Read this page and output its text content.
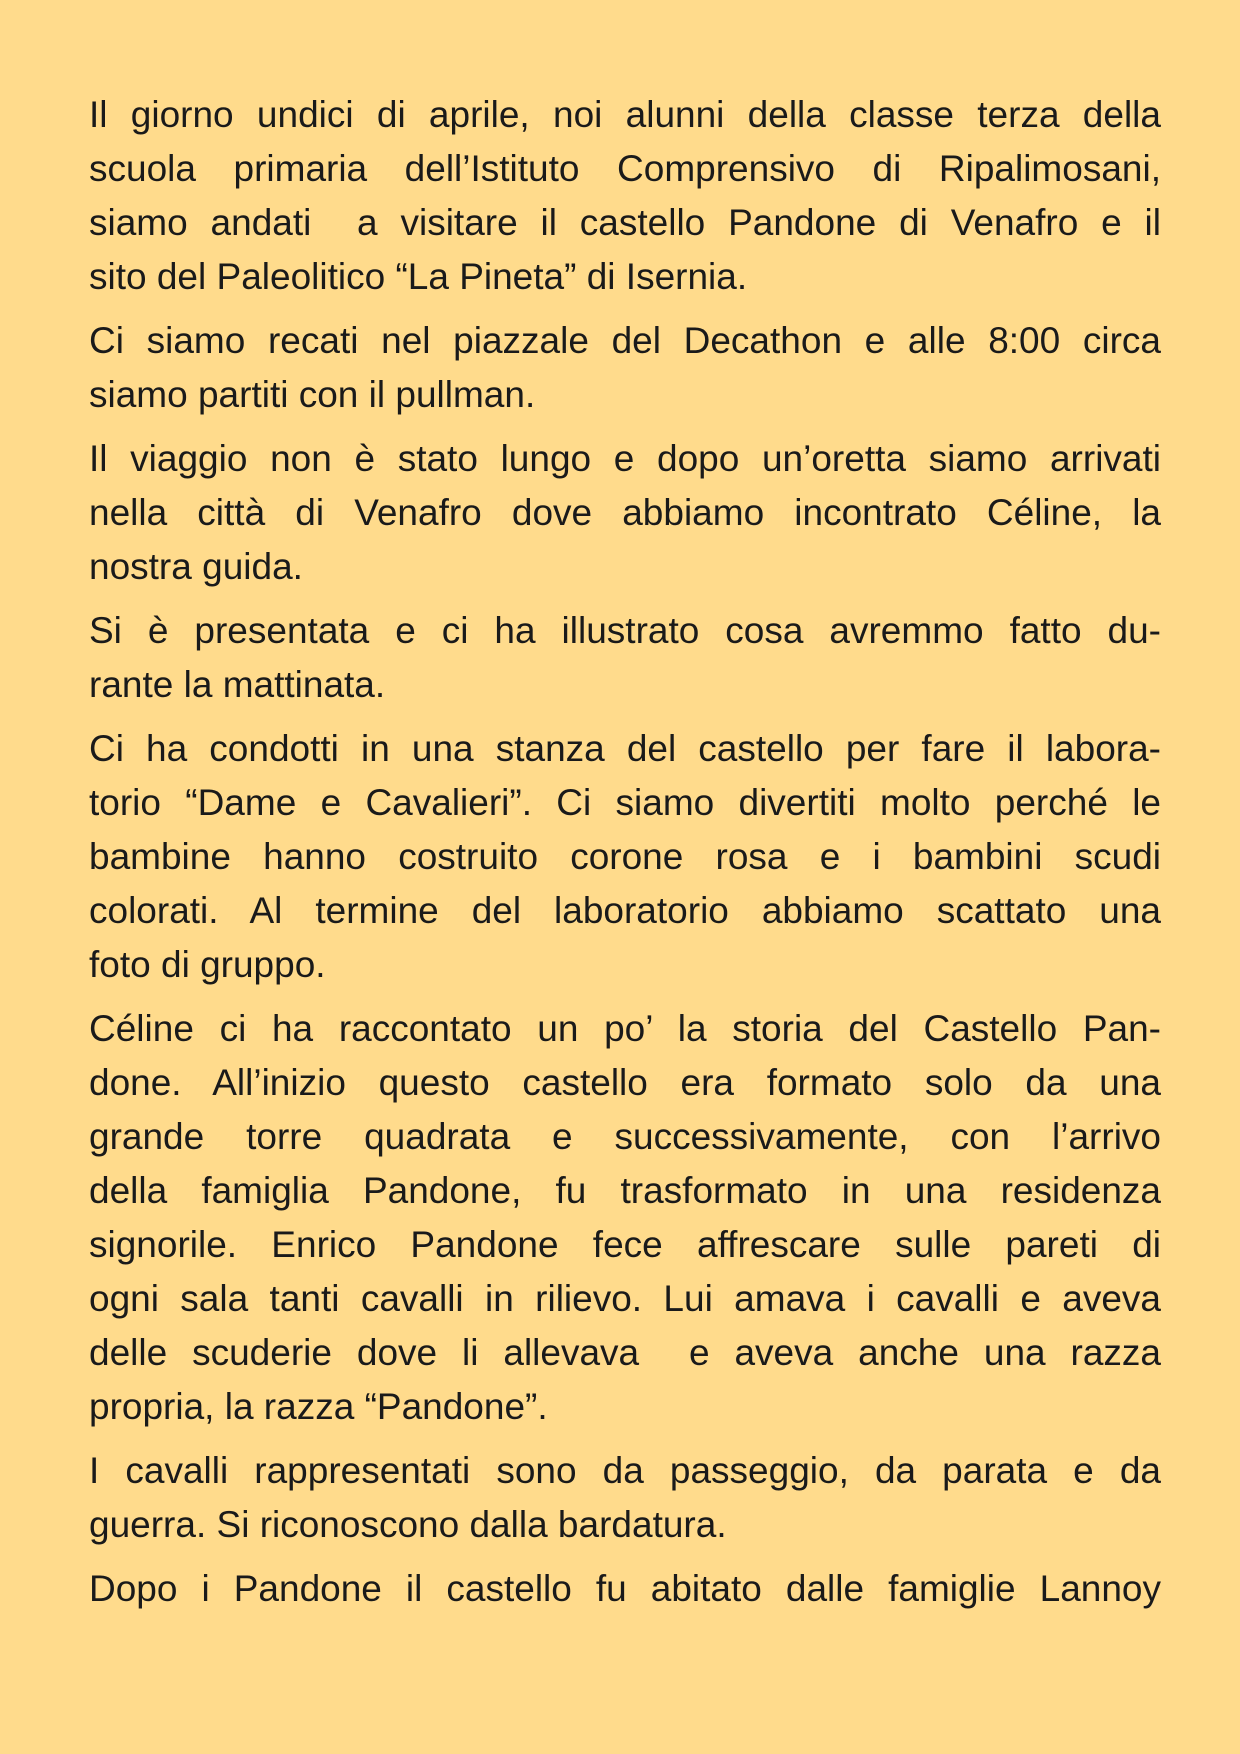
Il giorno undici di aprile, noi alunni della classe terza della
scuola primaria dell’Istituto Comprensivo di Ripalimosani,
siamo andati  a visitare il castello Pandone di Venafro e il
sito del Paleolitico “La Pineta” di Isernia.

Ci siamo recati nel piazzale del Decathon e alle 8:00 circa
siamo partiti con il pullman.

Il viaggio non è stato lungo e dopo un’oretta siamo arrivati
nella città di Venafro dove abbiamo incontrato Céline, la
nostra guida.

Si è presentata e ci ha illustrato cosa avremmo fatto du-
rante la mattinata.

Ci ha condotti in una stanza del castello per fare il labora-
torio “Dame e Cavalieri”. Ci siamo divertiti molto perché le
bambine hanno costruito corone rosa e i bambini scudi
colorati. Al termine del laboratorio abbiamo scattato una
foto di gruppo.

Céline ci ha raccontato un po’ la storia del Castello Pan-
done. All’inizio questo castello era formato solo da una
grande torre quadrata e successivamente, con l’arrivo
della famiglia Pandone, fu trasformato in una residenza
signorile. Enrico Pandone fece affrescare sulle pareti di
ogni sala tanti cavalli in rilievo. Lui amava i cavalli e aveva
delle scuderie dove li allevava  e aveva anche una razza
propria, la razza “Pandone”.

I cavalli rappresentati sono da passeggio, da parata e da
guerra. Si riconoscono dalla bardatura.

Dopo i Pandone il castello fu abitato dalle famiglie Lannoy
